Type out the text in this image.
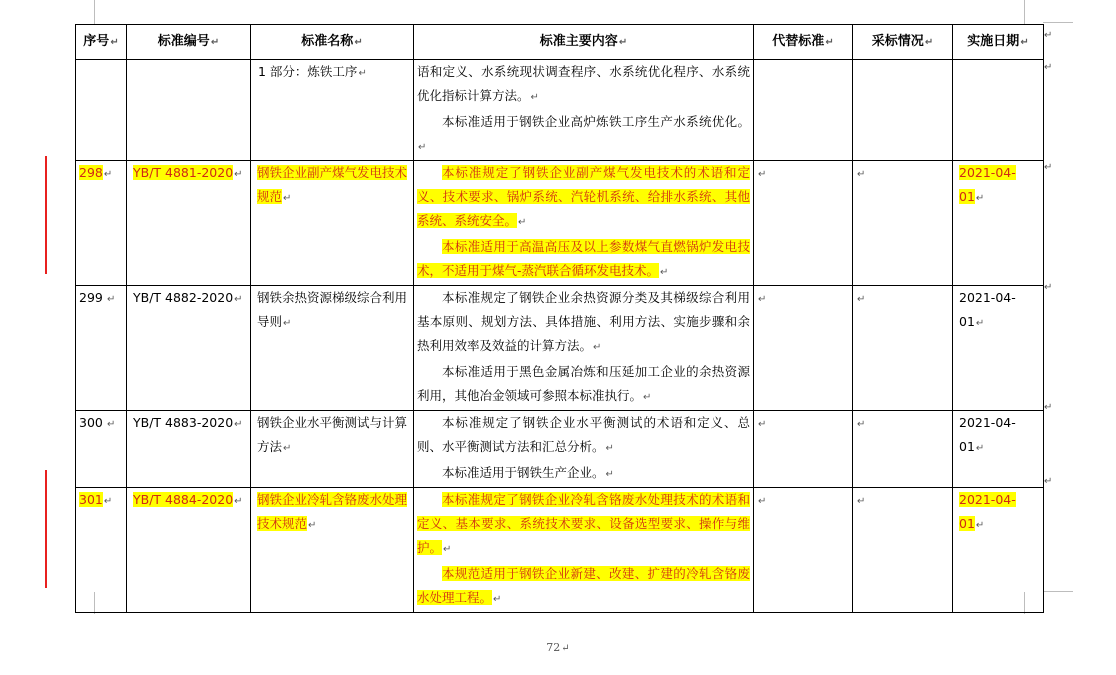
序号↵	标准编号↵	标准名称↵	标准主要内容↵	代替标准↵	采标情况↵	实施日期↵
		1 部分：炼铁工序↵	语和定义、水系统现状调查程序、水系统优化程序、水系统优化指标计算方法。↵
本标准适用于钢铁企业高炉炼铁工序生产水系统优化。↵			

298↵	YB/T 4881-2020↵	钢铁企业副产煤气发电技术规范↵	本标准规定了钢铁企业副产煤气发电技术的术语和定义、技术要求、锅炉系统、汽轮机系统、给排水系统、其他系统、系统安全。↵
本标准适用于高温高压及以上参数煤气直燃锅炉发电技术，不适用于煤气-蒸汽联合循环发电技术。↵	↵	↵	2021-04-01↵
299 ↵	YB/T 4882-2020↵	钢铁余热资源梯级综合利用导则↵	本标准规定了钢铁企业余热资源分类及其梯级综合利用基本原则、规划方法、具体措施、利用方法、实施步骤和余热利用效率及效益的计算方法。↵
本标准适用于黑色金属冶炼和压延加工企业的余热资源利用，其他冶金领域可参照本标准执行。↵	↵	↵	2021-04-01↵
300 ↵	YB/T 4883-2020↵	钢铁企业水平衡测试与计算方法↵	本标准规定了钢铁企业水平衡测试的术语和定义、总则、水平衡测试方法和汇总分析。↵
本标准适用于钢铁生产企业。↵	↵	↵	2021-04-01↵
301↵	YB/T 4884-2020↵	钢铁企业冷轧含铬废水处理技术规范↵	本标准规定了钢铁企业冷轧含铬废水处理技术的术语和定义、基本要求、系统技术要求、设备选型要求、操作与维护。↵
本规范适用于钢铁企业新建、改建、扩建的冷轧含铬废水处理工程。↵	↵	↵	2021-04-01↵
↵
↵
↵
↵
↵
↵
72↵
